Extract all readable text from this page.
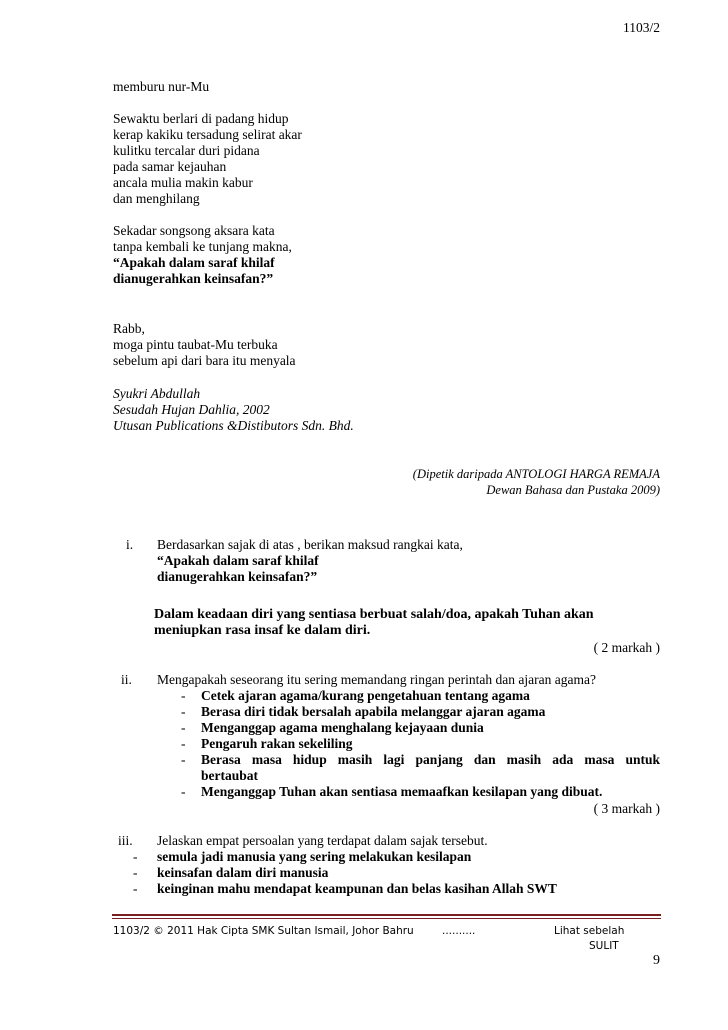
1103/2
memburu nur-Mu
Sewaktu berlari di padang hidup
kerap kakiku tersadung selirat akar
kulitku tercalar duri pidana
pada samar kejauhan
ancala mulia makin kabur
dan menghilang
Sekadar songsong aksara kata
tanpa kembali ke tunjang makna,
“Apakah dalam saraf khilaf
dianugerahkan keinsafan?”
Rabb,
moga pintu taubat-Mu terbuka
sebelum api dari bara itu menyala
Syukri Abdullah
Sesudah Hujan Dahlia, 2002
Utusan Publications &Distibutors Sdn. Bhd.
(Dipetik daripada ANTOLOGI HARGA REMAJA
Dewan Bahasa dan Pustaka 2009)
i. Berdasarkan sajak di atas , berikan maksud rangkai kata,
“Apakah dalam saraf khilaf
dianugerahkan keinsafan?”
Dalam keadaan diri yang sentiasa berbuat salah/doa, apakah Tuhan akan
meniupkan rasa insaf ke dalam diri.
( 2 markah )
ii. Mengapakah seseorang itu sering memandang ringan perintah dan ajaran agama?
- Cetek ajaran agama/kurang pengetahuan tentang agama
- Berasa diri tidak bersalah apabila melanggar ajaran agama
- Menganggap agama menghalang kejayaan dunia
- Pengaruh rakan sekeliling
- Berasa masa hidup masih lagi panjang dan masih ada masa untuk
bertaubat
- Menganggap Tuhan akan sentiasa memaafkan kesilapan yang dibuat.
( 3 markah )
iii. Jelaskan empat persoalan yang terdapat dalam sajak tersebut.
- semula jadi manusia yang sering melakukan kesilapan
- keinsafan dalam diri manusia
- keinginan mahu mendapat keampunan dan belas kasihan Allah SWT
1103/2 © 2011 Hak Cipta SMK Sultan Ismail, Johor Bahru	..........	Lihat sebelah
SULIT
9
